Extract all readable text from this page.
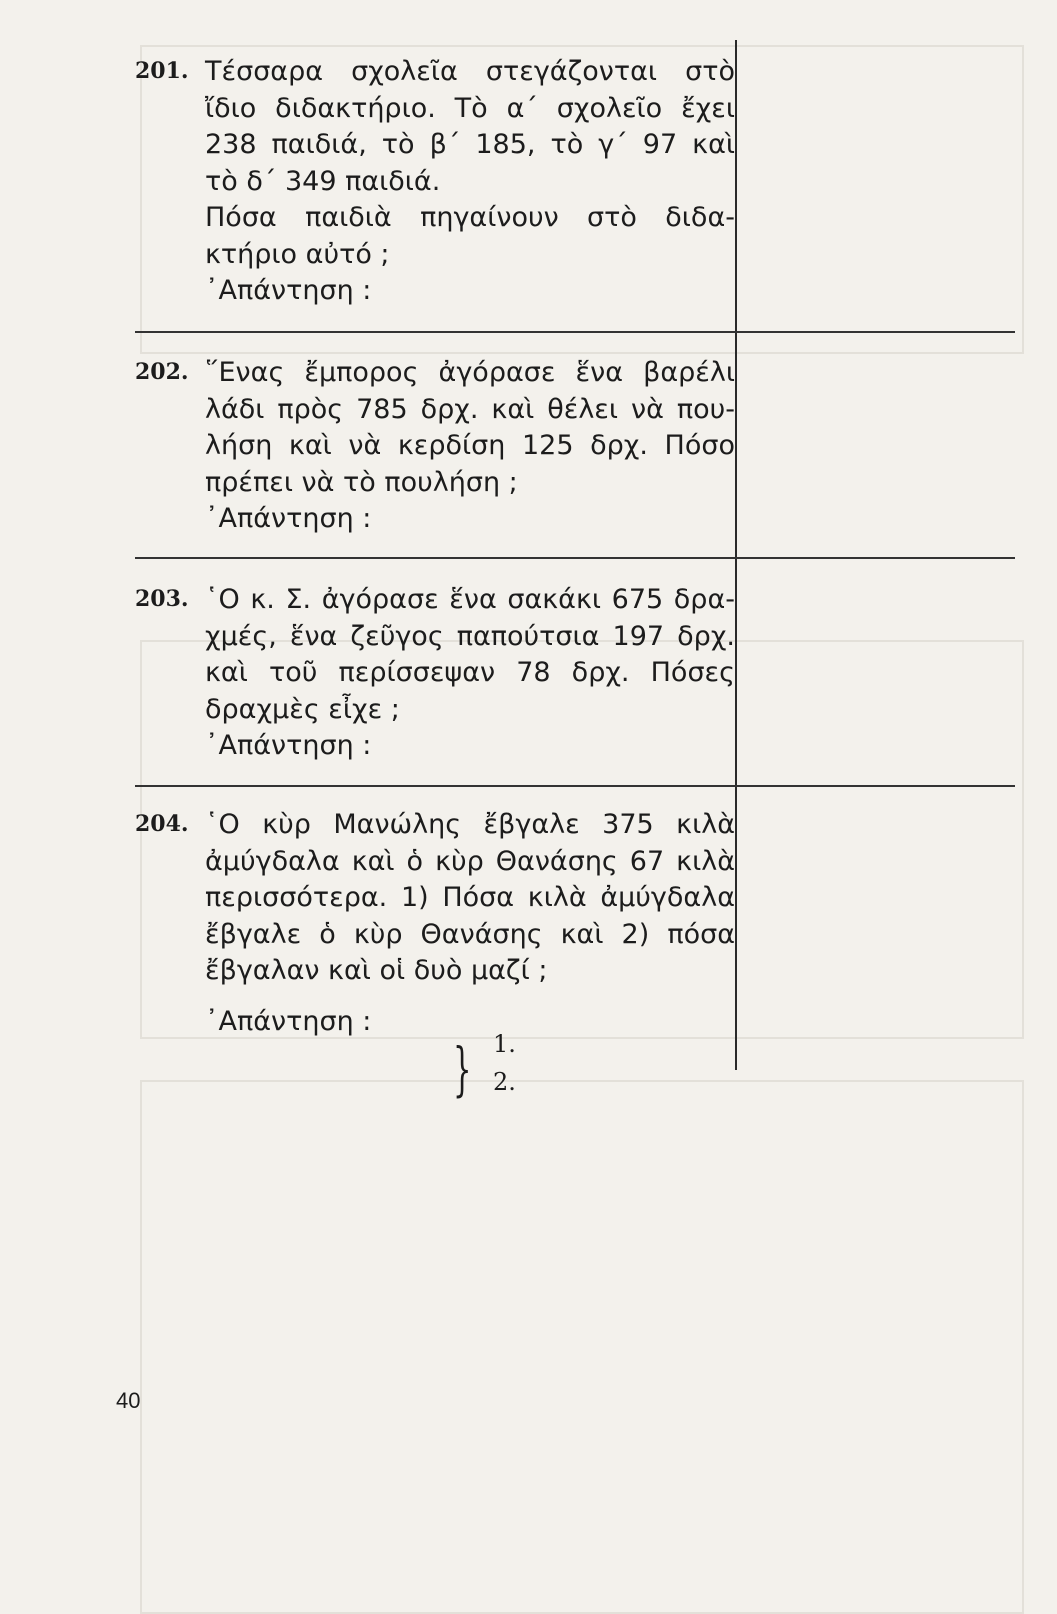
201. Τέσσαρα σχολεῖα στεγάζονται στὸ
ἴδιο διδακτήριο. Τὸ α΄ σχολεῖο ἔχει
238 παιδιά, τὸ β΄ 185, τὸ γ΄ 97 καὶ
τὸ δ΄ 349 παιδιά.
Πόσα παιδιὰ πηγαίνουν στὸ διδα-
κτήριο αὐτό ;
᾿Απάντηση :
202. ῞Ενας ἔμπορος ἀγόρασε ἕνα βαρέλι
λάδι πρὸς 785 δρχ. καὶ θέλει νὰ που-
λήση καὶ νὰ κερδίση 125 δρχ. Πόσο
πρέπει νὰ τὸ πουλήση ;
᾿Απάντηση :
203. ῾Ο κ. Σ. ἀγόρασε ἕνα σακάκι 675 δρα-
χμές, ἕνα ζεῦγος παπούτσια 197 δρχ.
καὶ τοῦ περίσσεψαν 78 δρχ. Πόσες
δραχμὲς εἶχε ;
᾿Απάντηση :
204. ῾Ο κὺρ Μανώλης ἔβγαλε 375 κιλὰ
ἀμύγδαλα καὶ ὁ κὺρ Θανάσης 67 κιλὰ
περισσότερα. 1) Πόσα κιλὰ ἀμύγδαλα
ἔβγαλε ὁ κὺρ Θανάσης καὶ 2) πόσα
ἔβγαλαν καὶ οἱ δυὸ μαζί ;
᾿Απάντηση :
} 1.
2.
40
